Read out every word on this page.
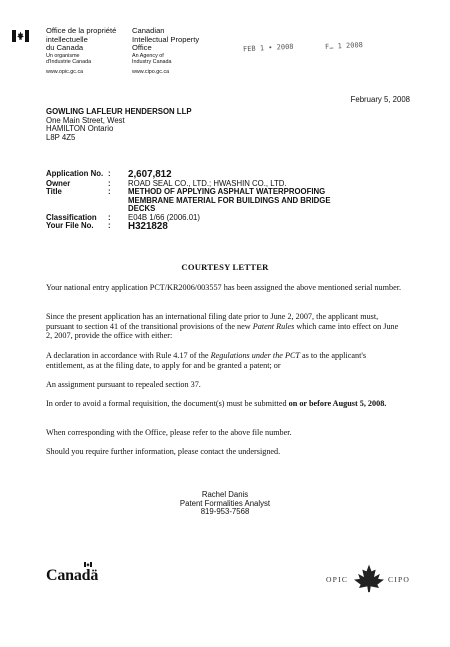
Office de la propriété
intellectuelle
du Canada
Un organisme
d'Industrie Canada
www.opic.gc.ca
Canadian
Intellectual Property
Office
An Agency of
Industry Canada
www.cipo.gc.ca
FEB 1 • 2008	F… 1 2008
February 5, 2008
GOWLING LAFLEUR HENDERSON LLP
One Main Street, West
HAMILTON Ontario
L8P 4Z5
Application No. :	2,607,812
Owner	:	ROAD SEAL CO., LTD.; HWASHIN CO., LTD.
Title	:	METHOD OF APPLYING ASPHALT WATERPROOFING
MEMBRANE MATERIAL FOR BUILDINGS AND BRIDGE
DECKS
Classification	:	E04B 1/66 (2006.01)
Your File No.	:	H321828
COURTESY LETTER
Your national entry application PCT/KR2006/003557 has been assigned the above mentioned serial number.
Since the present application has an international filing date prior to June 2, 2007, the applicant must, pursuant to section 41 of the transitional provisions of the new Patent Rules which came into effect on June 2, 2007, provide the office with either:
A declaration in accordance with Rule 4.17 of the Regulations under the PCT as to the applicant's entitlement, as at the filing date, to apply for and be granted a patent; or
An assignment pursuant to repealed section 37.
In order to avoid a formal requisition, the document(s) must be submitted on or before August 5, 2008.
When corresponding with the Office, please refer to the above file number.
Should you require further information, please contact the undersigned.
Rachel Danis
Patent Formalities Analyst
819-953-7568
Canadä	OPIC	CIPO
